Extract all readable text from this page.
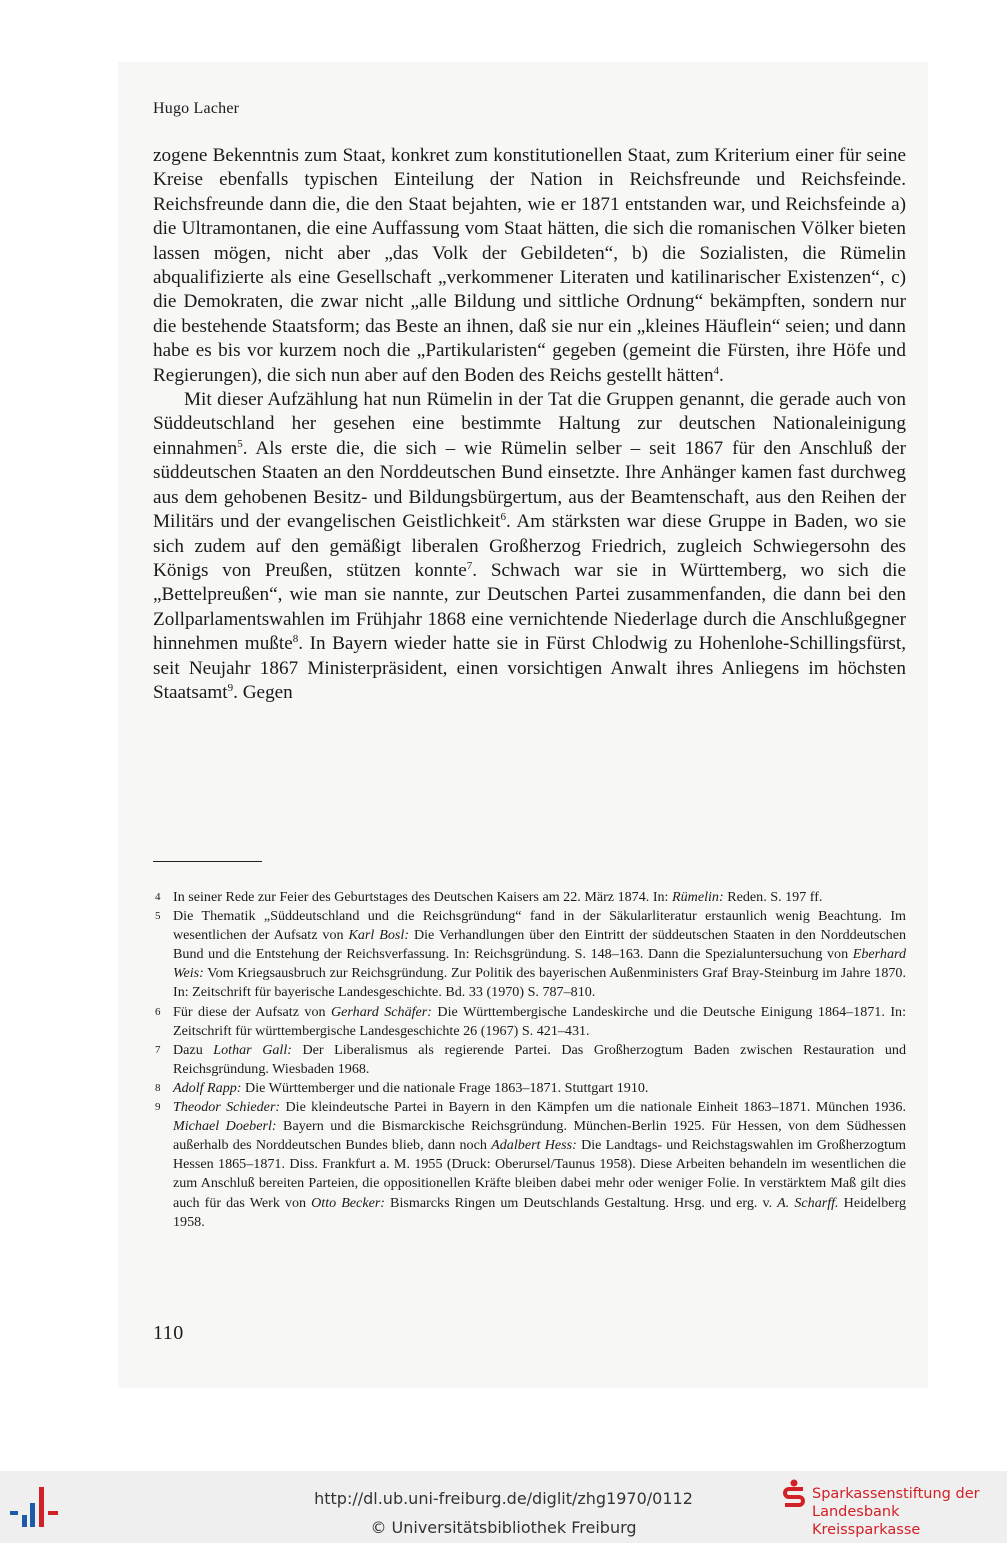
Hugo Lacher

zogene Bekenntnis zum Staat, konkret zum konstitutionellen Staat, zum Kriterium einer für seine Kreise ebenfalls typischen Einteilung der Nation in Reichsfreunde und Reichsfeinde. Reichsfreunde dann die, die den Staat bejahten, wie er 1871 entstanden war, und Reichsfeinde a) die Ultramontanen, die eine Auffassung vom Staat hätten, die sich die romanischen Völker bieten lassen mögen, nicht aber „das Volk der Gebildeten“, b) die Sozialisten, die Rümelin abqualifizierte als eine Gesellschaft „verkommener Literaten und katilinarischer Existenzen“, c) die Demokraten, die zwar nicht „alle Bildung und sittliche Ordnung“ bekämpften, sondern nur die bestehende Staatsform; das Beste an ihnen, daß sie nur ein „kleines Häuflein“ seien; und dann habe es bis vor kurzem noch die „Partikularisten“ gegeben (gemeint die Fürsten, ihre Höfe und Regierungen), die sich nun aber auf den Boden des Reichs gestellt hätten$^4$.

Mit dieser Aufzählung hat nun Rümelin in der Tat die Gruppen genannt, die gerade auch von Süddeutschland her gesehen eine bestimmte Haltung zur deutschen Nationaleinigung einnahmen$^5$. Als erste die, die sich – wie Rümelin selber – seit 1867 für den Anschluß der süddeutschen Staaten an den Norddeutschen Bund einsetzte. Ihre Anhänger kamen fast durchweg aus dem gehobenen Besitz- und Bildungsbürgertum, aus der Beamtenschaft, aus den Reihen der Militärs und der evangelischen Geistlichkeit$^6$. Am stärksten war diese Gruppe in Baden, wo sie sich zudem auf den gemäßigt liberalen Großherzog Friedrich, zugleich Schwiegersohn des Königs von Preußen, stützen konnte$^7$. Schwach war sie in Württemberg, wo sich die „Bettelpreußen“, wie man sie nannte, zur Deutschen Partei zusammenfanden, die dann bei den Zollparlamentswahlen im Frühjahr 1868 eine vernichtende Niederlage durch die Anschlußgegner hinnehmen mußte$^8$. In Bayern wieder hatte sie in Fürst Chlodwig zu Hohenlohe-Schillingsfürst, seit Neujahr 1867 Ministerpräsident, einen vorsichtigen Anwalt ihres Anliegens im höchsten Staatsamt$^9$. Gegen

4 In seiner Rede zur Feier des Geburtstages des Deutschen Kaisers am 22. März 1874. In: Rümelin: Reden. S. 197 ff.
5 Die Thematik „Süddeutschland und die Reichsgründung“ fand in der Säkularliteratur erstaunlich wenig Beachtung. Im wesentlichen der Aufsatz von Karl Bosl: Die Verhandlungen über den Eintritt der süddeutschen Staaten in den Norddeutschen Bund und die Entstehung der Reichsverfassung. In: Reichsgründung. S. 148–163. Dann die Spezialuntersuchung von Eberhard Weis: Vom Kriegsausbruch zur Reichsgründung. Zur Politik des bayerischen Außenministers Graf Bray-Steinburg im Jahre 1870. In: Zeitschrift für bayerische Landesgeschichte. Bd. 33 (1970) S. 787–810.
6 Für diese der Aufsatz von Gerhard Schäfer: Die Württembergische Landeskirche und die Deutsche Einigung 1864–1871. In: Zeitschrift für württembergische Landesgeschichte 26 (1967) S. 421–431.
7 Dazu Lothar Gall: Der Liberalismus als regierende Partei. Das Großherzogtum Baden zwischen Restauration und Reichsgründung. Wiesbaden 1968.
8 Adolf Rapp: Die Württemberger und die nationale Frage 1863–1871. Stuttgart 1910.
9 Theodor Schieder: Die kleindeutsche Partei in Bayern in den Kämpfen um die nationale Einheit 1863–1871. München 1936. Michael Doeberl: Bayern und die Bismarckische Reichsgründung. München-Berlin 1925. Für Hessen, von dem Südhessen außerhalb des Norddeutschen Bundes blieb, dann noch Adalbert Hess: Die Landtags- und Reichstagswahlen im Großherzogtum Hessen 1865–1871. Diss. Frankfurt a. M. 1955 (Druck: Oberursel/Taunus 1958). Diese Arbeiten behandeln im wesentlichen die zum Anschluß bereiten Parteien, die oppositionellen Kräfte bleiben dabei mehr oder weniger Folie. In verstärktem Maß gilt dies auch für das Werk von Otto Becker: Bismarcks Ringen um Deutschlands Gestaltung. Hrsg. und erg. v. A. Scharff. Heidelberg 1958.
110
http://dl.ub.uni-freiburg.de/diglit/zhg1970/0112
© Universitätsbibliothek Freiburg
Sparkassenstiftung der
Landesbank Kreissparkasse
